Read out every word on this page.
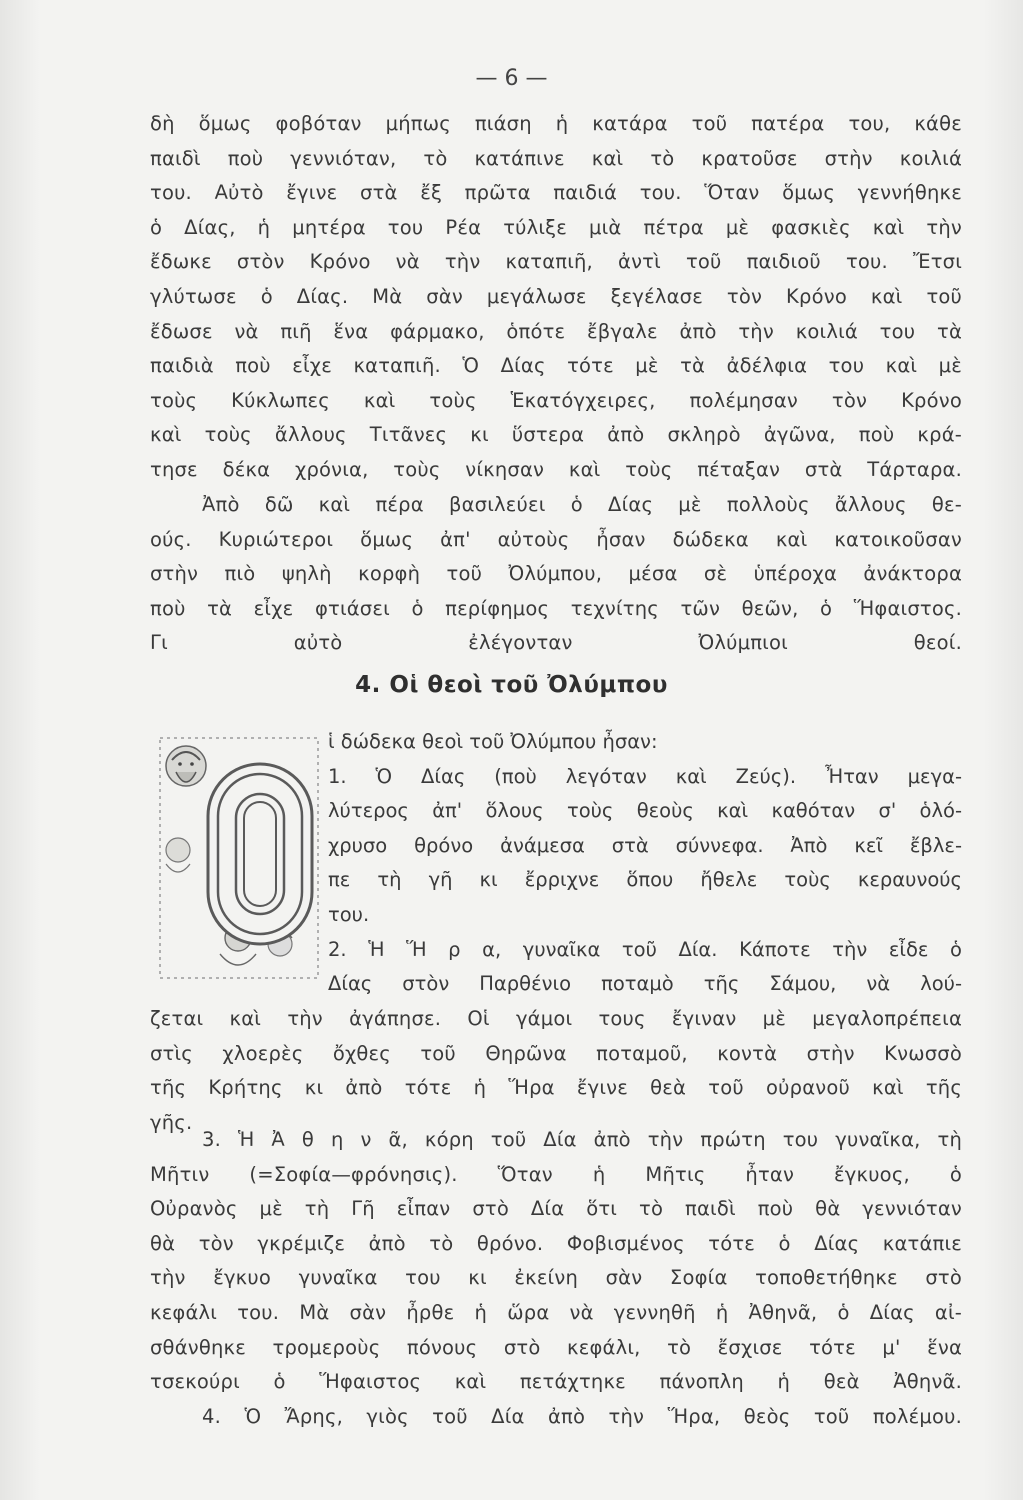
— 6 —
δὴ ὅμως φοβόταν μήπως πιάση ἡ κατάρα τοῦ πατέρα του, κάθε
παιδὶ ποὺ γεννιόταν, τὸ κατάπινε καὶ τὸ κρατοῦσε στὴν κοιλιά
του. Αὐτὸ ἔγινε στὰ ἔξ πρῶτα παιδιά του. Ὅταν ὅμως γεννήθηκε
ὁ Δίας, ἡ μητέρα του Ρέα τύλιξε μιὰ πέτρα μὲ φασκιὲς καὶ τὴν
ἔδωκε στὸν Κρόνο νὰ τὴν καταπιῆ, ἀντὶ τοῦ παιδιοῦ του. Ἔτσι
γλύτωσε ὁ Δίας. Μὰ σὰν μεγάλωσε ξεγέλασε τὸν Κρόνο καὶ τοῦ
ἔδωσε νὰ πιῆ ἕνα φάρμακο, ὁπότε ἔβγαλε ἀπὸ τὴν κοιλιά του τὰ
παιδιὰ ποὺ εἶχε καταπιῆ. Ὁ Δίας τότε μὲ τὰ ἀδέλφια του καὶ μὲ
τοὺς Κύκλωπες καὶ τοὺς Ἑκατόγχειρες, πολέμησαν τὸν Κρόνο
καὶ τοὺς ἄλλους Τιτᾶνες κι ὕστερα ἀπὸ σκληρὸ ἀγῶνα, ποὺ κρά-
τησε δέκα χρόνια, τοὺς νίκησαν καὶ τοὺς πέταξαν στὰ Τάρταρα.
Ἀπὸ δῶ καὶ πέρα βασιλεύει ὁ Δίας μὲ πολλοὺς ἄλλους θε-
ούς. Κυριώτεροι ὅμως ἀπ' αὐτοὺς ἦσαν δώδεκα καὶ κατοικοῦσαν
στὴν πιὸ ψηλὴ κορφὴ τοῦ Ὀλύμπου, μέσα σὲ ὑπέροχα ἀνάκτορα
ποὺ τὰ εἶχε φτιάσει ὁ περίφημος τεχνίτης τῶν θεῶν, ὁ Ἥφαιστος.
Γι αὐτὸ ἐλέγονταν Ὀλύμπιοι θεοί.
4. Οἱ θεοὶ τοῦ Ὀλύμπου
ἱ δώδεκα θεοὶ τοῦ Ὀλύμπου ἦσαν:
1. Ὁ Δίας (ποὺ λεγόταν καὶ Ζεύς). Ἦταν μεγα-
λύτερος ἀπ' ὅλους τοὺς θεοὺς καὶ καθόταν σ' ὁλό-
χρυσο θρόνο ἀνάμεσα στὰ σύννεφα. Ἀπὸ κεῖ ἔβλε-
πε τὴ γῆ κι ἔρριχνε ὅπου ἤθελε τοὺς κεραυνούς
του.
2. Ἡ Ἥ ρ α, γυναῖκα τοῦ Δία. Κάποτε τὴν εἶδε ὁ
Δίας στὸν Παρθένιο ποταμὸ τῆς Σάμου, νὰ λού-
ζεται καὶ τὴν ἀγάπησε. Οἱ γάμοι τους ἔγιναν μὲ μεγαλοπρέπεια
στὶς χλοερὲς ὄχθες τοῦ Θηρῶνα ποταμοῦ, κοντὰ στὴν Κνωσσὸ
τῆς Κρήτης κι ἀπὸ τότε ἡ Ἥρα ἔγινε θεὰ τοῦ οὐρανοῦ καὶ τῆς
γῆς.
3. Ἡ Ἀ θ η ν ᾶ, κόρη τοῦ Δία ἀπὸ τὴν πρώτη του γυναῖκα, τὴ
Μῆτιν (=Σοφία—φρόνησις). Ὅταν ἡ Μῆτις ἦταν ἔγκυος, ὁ
Οὐρανὸς μὲ τὴ Γῆ εἶπαν στὸ Δία ὅτι τὸ παιδὶ ποὺ θὰ γεννιόταν
θὰ τὸν γκρέμιζε ἀπὸ τὸ θρόνο. Φοβισμένος τότε ὁ Δίας κατάπιε
τὴν ἔγκυο γυναῖκα του κι ἐκείνη σὰν Σοφία τοποθετήθηκε στὸ
κεφάλι του. Μὰ σὰν ἦρθε ἡ ὥρα νὰ γεννηθῆ ἡ Ἀθηνᾶ, ὁ Δίας αἰ-
σθάνθηκε τρομεροὺς πόνους στὸ κεφάλι, τὸ ἔσχισε τότε μ' ἕνα
τσεκούρι ὁ Ἥφαιστος καὶ πετάχτηκε πάνοπλη ἡ θεὰ Ἀθηνᾶ.
4. Ὁ Ἄρης, γιὸς τοῦ Δία ἀπὸ τὴν Ἥρα, θεὸς τοῦ πολέμου.
